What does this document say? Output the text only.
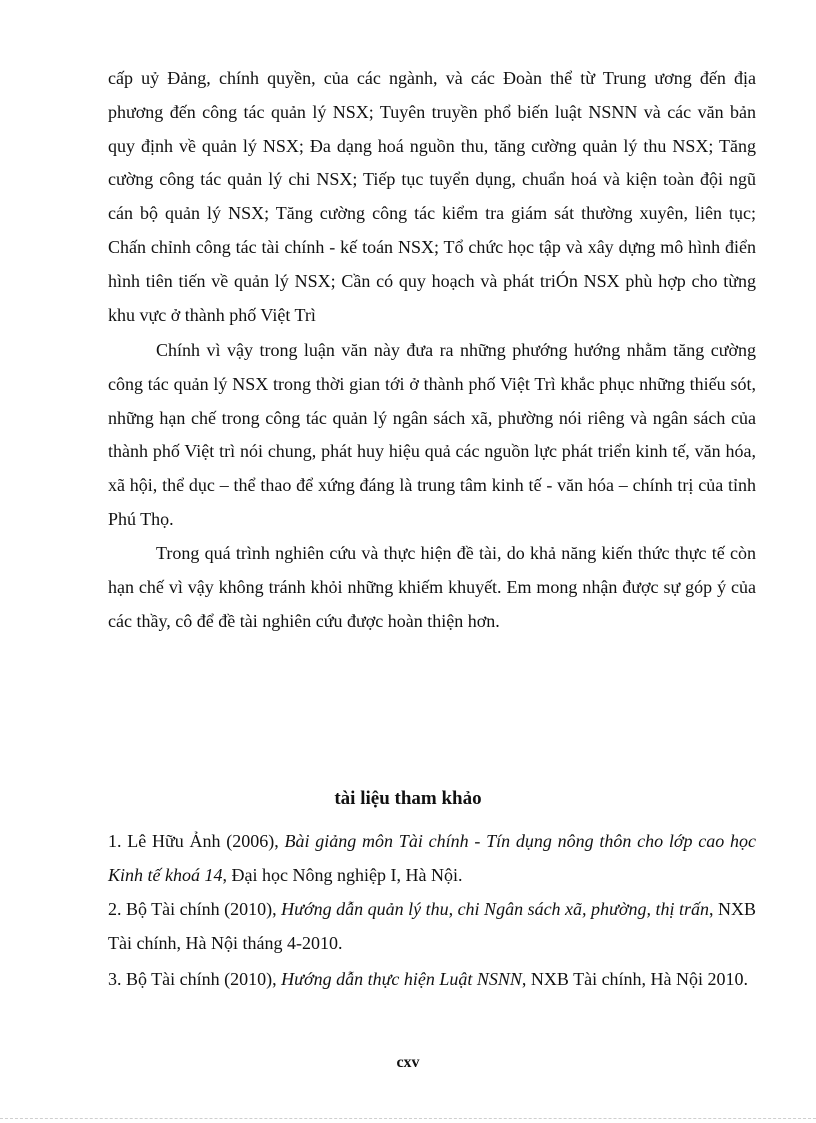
cấp uỷ Đảng, chính quyền, của các ngành, và các Đoàn thể từ Trung ương đến địa phương đến công tác quản lý NSX; Tuyên truyền phổ biến luật NSNN và các văn bản quy định về quản lý NSX; Đa dạng hoá nguồn thu, tăng cường quản lý thu NSX; Tăng cường công tác quản lý chi NSX; Tiếp tục tuyển dụng, chuẩn hoá và kiện toàn đội ngũ cán bộ quản lý NSX; Tăng cường công tác kiểm tra giám sát thường xuyên, liên tục; Chấn chỉnh công tác tài chính - kế toán NSX; Tổ chức học tập và xây dựng mô hình điển hình tiên tiến về quản lý NSX; Cần có quy hoạch và phát triÓn NSX phù hợp cho từng khu vực ở thành phố Việt Trì

Chính vì vậy trong luận văn này đưa ra những phướng hướng nhằm tăng cường công tác quản lý NSX trong thời gian tới ở thành phố Việt Trì khắc phục những thiếu sót, những hạn chế trong công tác quản lý ngân sách xã, phường nói riêng và ngân sách của thành phố Việt trì nói chung, phát huy hiệu quả các nguồn lực phát triển kinh tế, văn hóa, xã hội, thể dục – thể thao để xứng đáng là trung tâm kinh tế - văn hóa – chính trị của tỉnh Phú Thọ.

Trong quá trình nghiên cứu và thực hiện đề tài, do khả năng kiến thức thực tế còn hạn chế vì vậy không tránh khỏi những khiếm khuyết. Em mong nhận được sự góp ý của các thầy, cô để đề tài nghiên cứu được hoàn thiện hơn.

tài liệu tham khảo

1. Lê Hữu Ảnh (2006), Bài giảng môn Tài chính - Tín dụng nông thôn cho lớp cao học Kinh tế khoá 14, Đại học Nông nghiệp I, Hà Nội.

2. Bộ Tài chính (2010), Hướng dẫn quản lý thu, chi Ngân sách xã, phường, thị trấn, NXB Tài chính, Hà Nội tháng 4-2010.

3. Bộ Tài chính (2010), Hướng dẫn thực hiện Luật NSNN, NXB Tài chính, Hà Nội 2010.

cxv
